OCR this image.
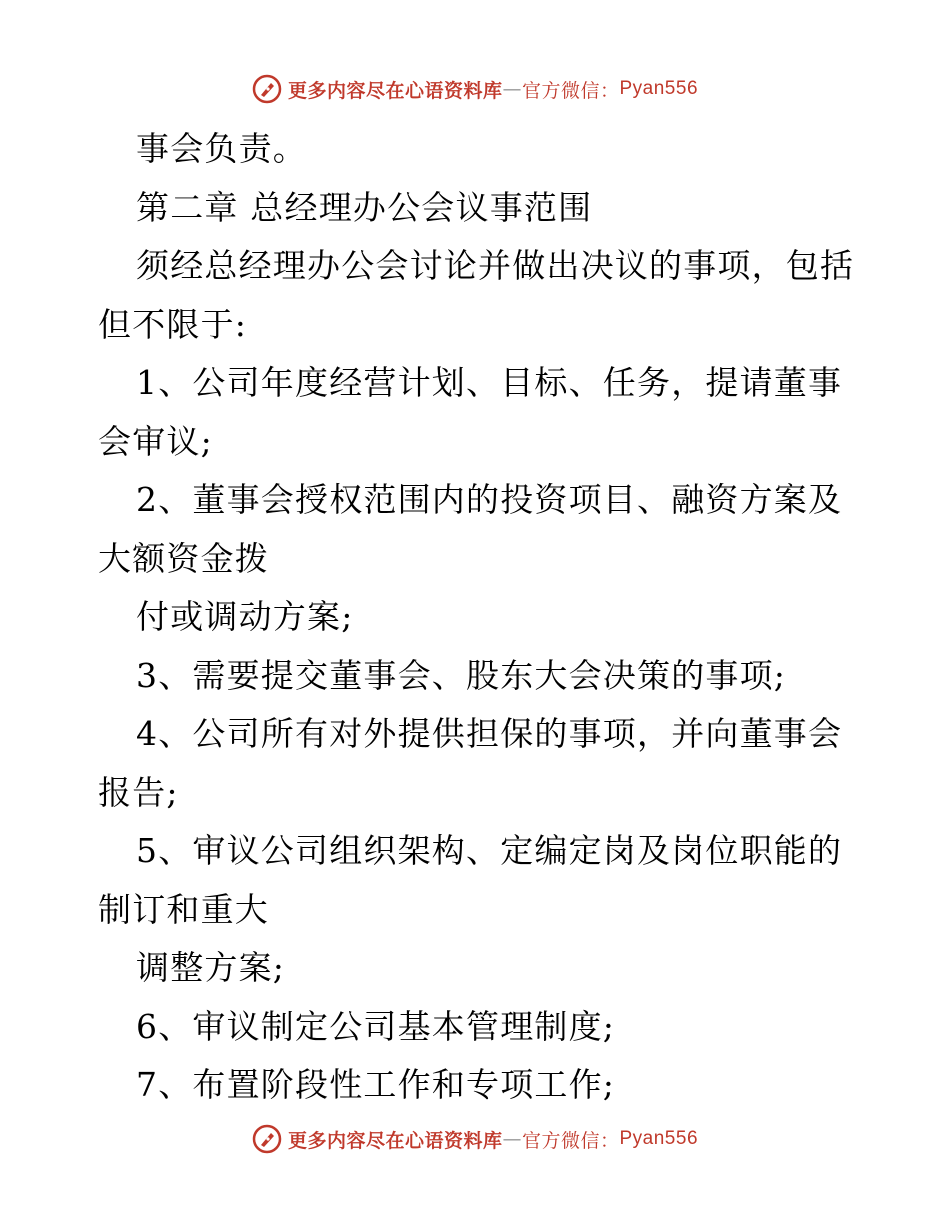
更多内容尽在心语资料库 — 官方微信： Pyan556
事会负责。
第二章 总经理办公会议事范围
须经总经理办公会讨论并做出决议的事项，包括
但不限于:
1、公司年度经营计划、目标、任务，提请董事
会审议;
2、董事会授权范围内的投资项目、融资方案及
大额资金拨
付或调动方案;
3、需要提交董事会、股东大会决策的事项;
4、公司所有对外提供担保的事项，并向董事会
报告;
5、审议公司组织架构、定编定岗及岗位职能的
制订和重大
调整方案;
6、审议制定公司基本管理制度;
7、布置阶段性工作和专项工作;
更多内容尽在心语资料库 — 官方微信： Pyan556
